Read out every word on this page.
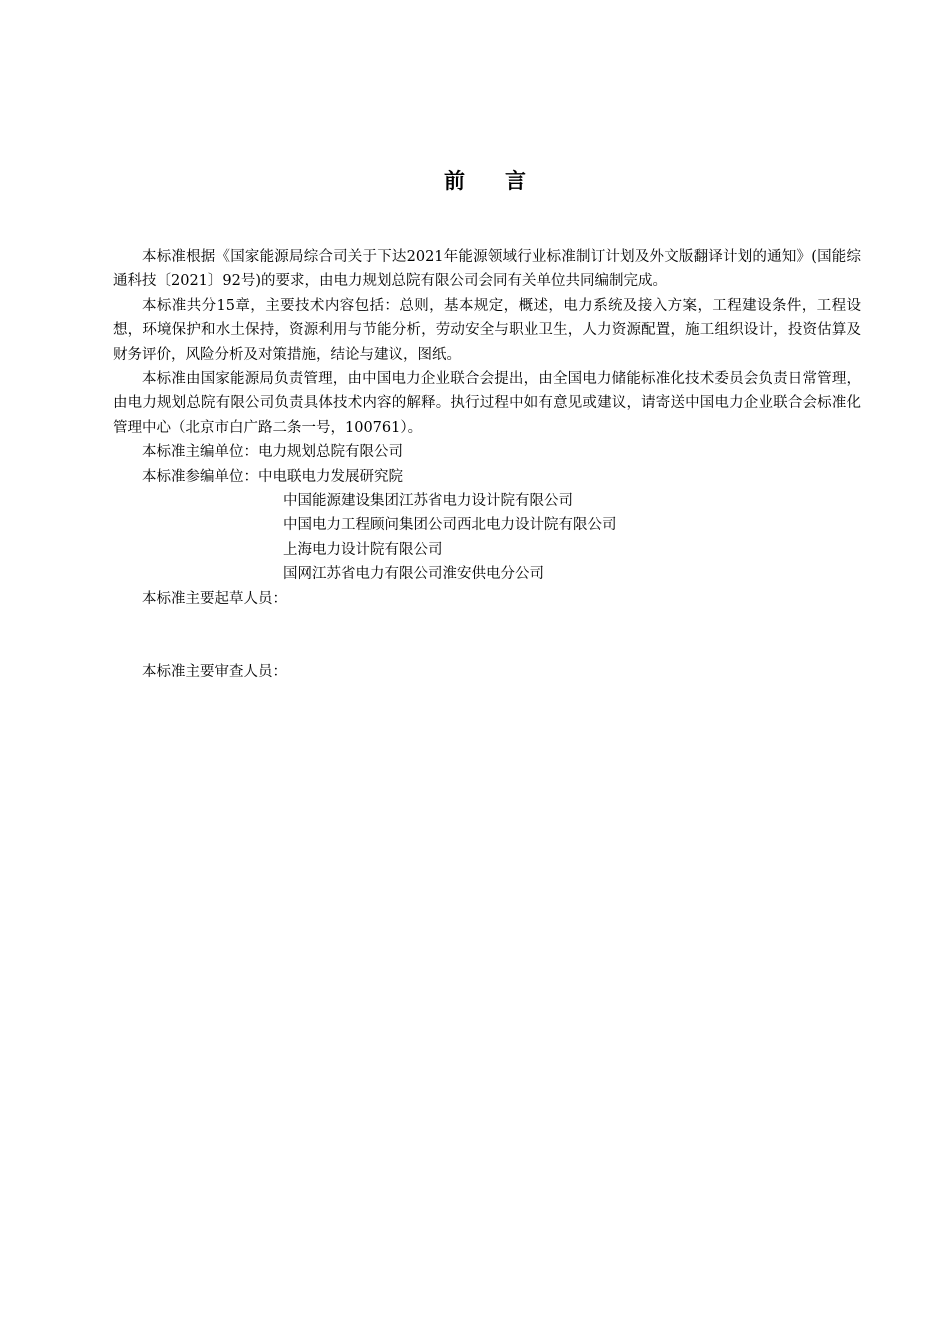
前 言

本标准根据《国家能源局综合司关于下达2021年能源领域行业标准制订计划及外文版翻译计划的通知》(国能综通科技〔2021〕92号)的要求，由电力规划总院有限公司会同有关单位共同编制完成。

本标准共分15章，主要技术内容包括：总则，基本规定，概述，电力系统及接入方案，工程建设条件，工程设想，环境保护和水土保持，资源利用与节能分析，劳动安全与职业卫生，人力资源配置，施工组织设计，投资估算及财务评价，风险分析及对策措施，结论与建议，图纸。

本标准由国家能源局负责管理，由中国电力企业联合会提出，由全国电力储能标准化技术委员会负责日常管理，由电力规划总院有限公司负责具体技术内容的解释。执行过程中如有意见或建议，请寄送中国电力企业联合会标准化管理中心（北京市白广路二条一号，100761）。

本标准主编单位：电力规划总院有限公司
本标准参编单位：中电联电力发展研究院
中国能源建设集团江苏省电力设计院有限公司
中国电力工程顾问集团公司西北电力设计院有限公司
上海电力设计院有限公司
国网江苏省电力有限公司淮安供电分公司
本标准主要起草人员：
本标准主要审查人员：
